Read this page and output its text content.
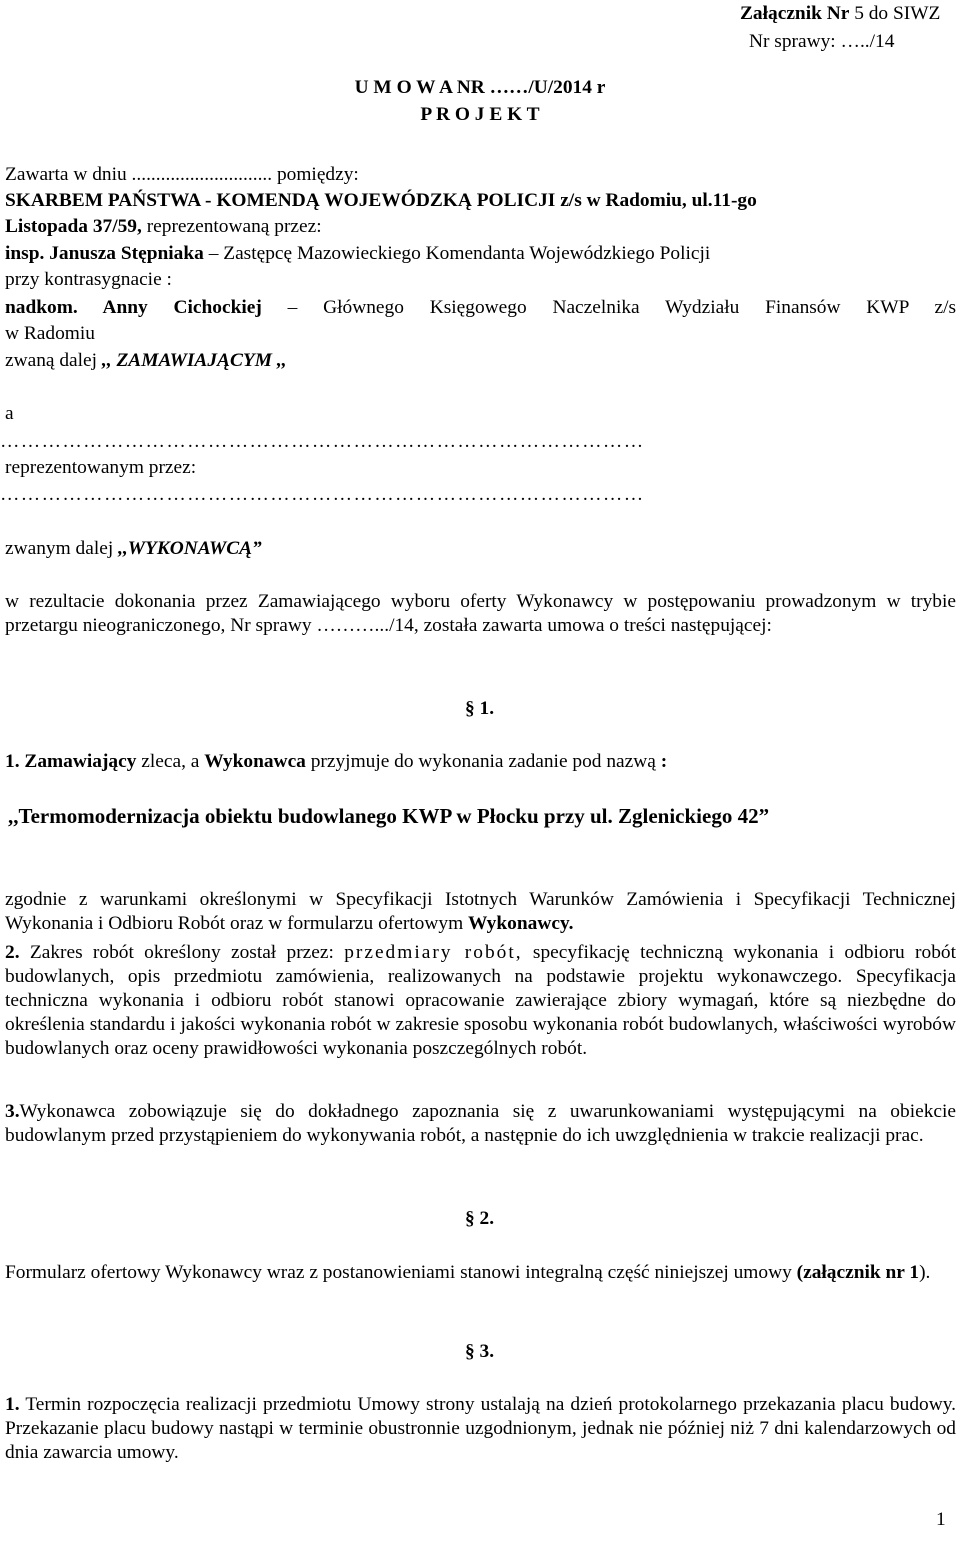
Załącznik Nr 5 do SIWZ
Nr sprawy: …../14
U M O W A NR ……/U/2014 r
P R O J E K T
Zawarta w dniu ............................. pomiędzy:
SKARBEM PAŃSTWA - KOMENDĄ WOJEWÓDZKĄ POLICJI z/s w Radomiu, ul.11-go
Listopada 37/59, reprezentowaną przez:
insp. Janusza Stępniaka – Zastępcę Mazowieckiego Komendanta Wojewódzkiego Policji
przy kontrasygnacie :
nadkom. Anny Cichockiej – Głównego Księgowego Naczelnika Wydziału Finansów KWP z/s
w Radomiu
zwaną dalej ,, ZAMAWIAJĄCYM ,,
a
…………………………………………………………………………………
reprezentowanym przez:
…………………………………………………………………………………
zwanym dalej ,,WYKONAWCĄ”
w rezultacie dokonania przez Zamawiającego wyboru oferty Wykonawcy w postępowaniu prowadzonym w trybie przetargu nieograniczonego, Nr sprawy ……….../14, została zawarta umowa o treści następującej:
§ 1.
1. Zamawiający zleca, a Wykonawca przyjmuje do wykonania zadanie pod nazwą :
,,Termomodernizacja obiektu budowlanego KWP w Płocku przy ul. Zglenickiego 42”
zgodnie z warunkami określonymi w Specyfikacji Istotnych Warunków Zamówienia i Specyfikacji Technicznej Wykonania i Odbioru Robót oraz w formularzu ofertowym Wykonawcy.
2. Zakres robót określony został przez: przedmiary robót, specyfikację techniczną wykonania i odbioru robót budowlanych, opis przedmiotu zamówienia, realizowanych na podstawie projektu wykonawczego. Specyfikacja techniczna wykonania i odbioru robót stanowi opracowanie zawierające zbiory wymagań, które są niezbędne do określenia standardu i jakości wykonania robót w zakresie sposobu wykonania robót budowlanych, właściwości wyrobów budowlanych oraz oceny prawidłowości wykonania poszczególnych robót.
3.Wykonawca zobowiązuje się do dokładnego zapoznania się z uwarunkowaniami występującymi na obiekcie budowlanym przed przystąpieniem do wykonywania robót, a następnie do ich uwzględnienia w trakcie realizacji prac.
§ 2.
Formularz ofertowy Wykonawcy wraz z postanowieniami stanowi integralną część niniejszej umowy (załącznik nr 1).
§ 3.
1. Termin rozpoczęcia realizacji przedmiotu Umowy strony ustalają na dzień protokolarnego przekazania placu budowy. Przekazanie placu budowy nastąpi w terminie obustronnie uzgodnionym, jednak nie później niż 7 dni kalendarzowych od dnia zawarcia umowy.
1
